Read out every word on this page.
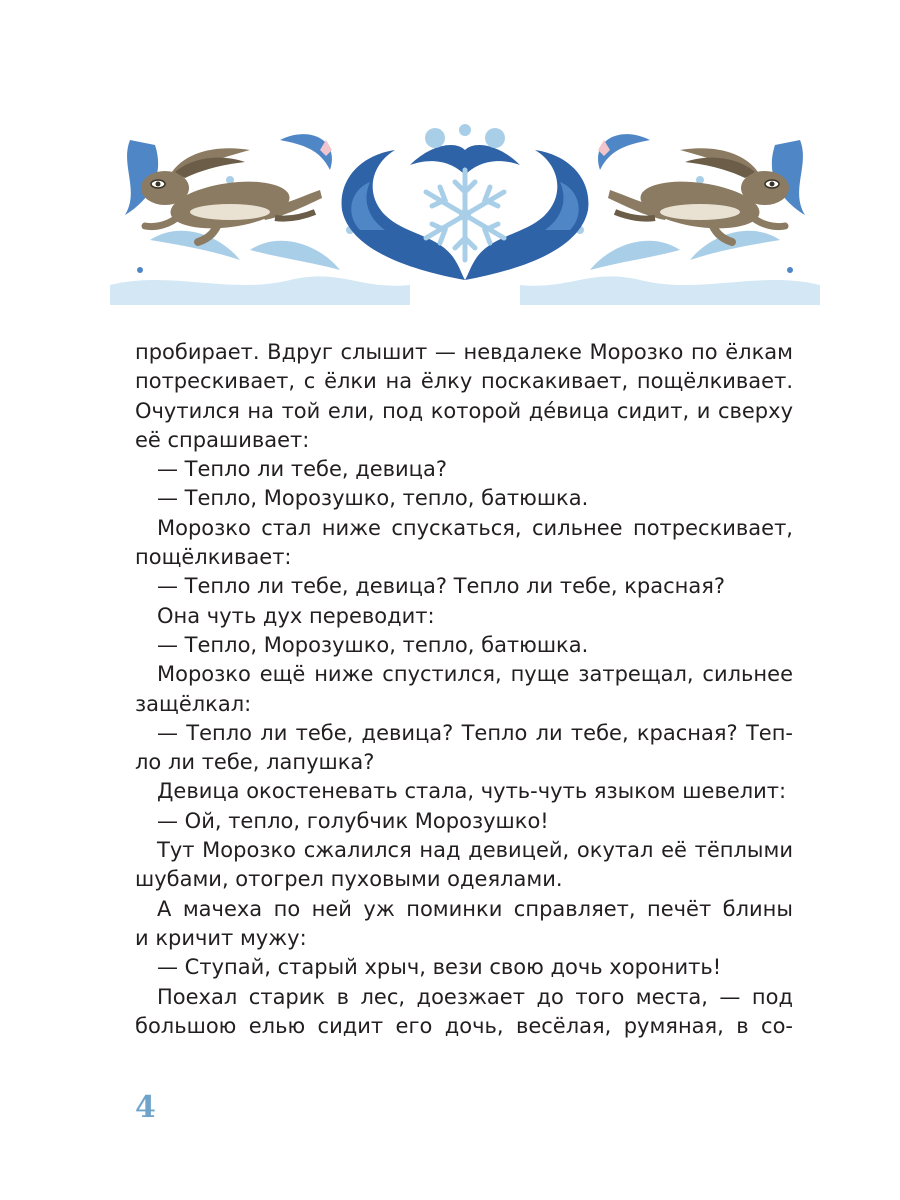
пробирает. Вдруг слышит — невдалеке Морозко по ёлкам
потрескивает, с ёлки на ёлку поскакивает, пощёлкивает.
Очутился на той ели, под которой де́вица сидит, и сверху
её спрашивает:
— Тепло ли тебе, девица?
— Тепло, Морозушко, тепло, батюшка.
Морозко стал ниже спускаться, сильнее потрескивает,
пощёлкивает:
— Тепло ли тебе, девица? Тепло ли тебе, красная?
Она чуть дух переводит:
— Тепло, Морозушко, тепло, батюшка.
Морозко ещё ниже спустился, пуще затрещал, сильнее
защёлкал:
— Тепло ли тебе, девица? Тепло ли тебе, красная? Теп-
ло ли тебе, лапушка?
Девица окостеневать стала, чуть-чуть языком шевелит:
— Ой, тепло, голубчик Морозушко!
Тут Морозко сжалился над девицей, окутал её тёплыми
шубами, отогрел пуховыми одеялами.
А мачеха по ней уж поминки справляет, печёт блины
и кричит мужу:
— Ступай, старый хрыч, вези свою дочь хоронить!
Поехал старик в лес, доезжает до того места, — под
большою елью сидит его дочь, весёлая, румяная, в со-
4
